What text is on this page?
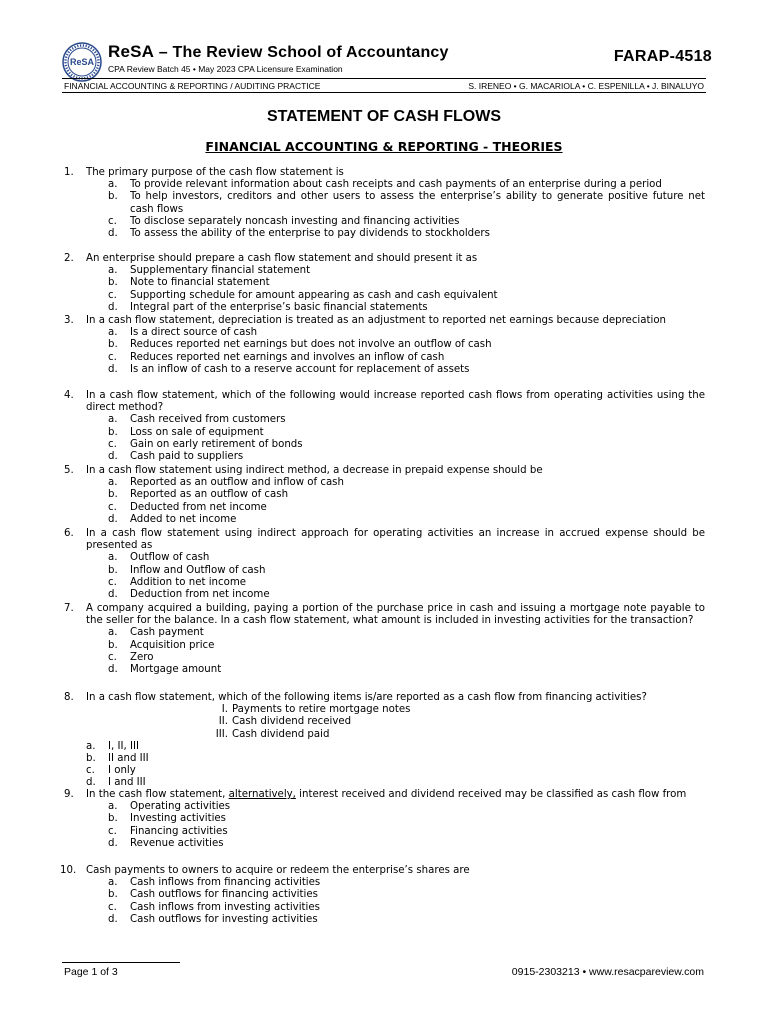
ReSA
ReSA – The Review School of Accountancy
CPA Review Batch 45 • May 2023 CPA Licensure Examination
FARAP-4518
FINANCIAL ACCOUNTING & REPORTING / AUDITING PRACTICE	S. IRENEO • G. MACARIOLA • C. ESPENILLA • J. BINALUYO
STATEMENT OF CASH FLOWS
FINANCIAL ACCOUNTING & REPORTING - THEORIES
1. The primary purpose of the cash flow statement is
a. To provide relevant information about cash receipts and cash payments of an enterprise during a period
b. To help investors, creditors and other users to assess the enterprise’s ability to generate positive future net cash flows
c. To disclose separately noncash investing and financing activities
d. To assess the ability of the enterprise to pay dividends to stockholders
2. An enterprise should prepare a cash flow statement and should present it as
a. Supplementary financial statement
b. Note to financial statement
c. Supporting schedule for amount appearing as cash and cash equivalent
d. Integral part of the enterprise’s basic financial statements
3. In a cash flow statement, depreciation is treated as an adjustment to reported net earnings because depreciation
a. Is a direct source of cash
b. Reduces reported net earnings but does not involve an outflow of cash
c. Reduces reported net earnings and involves an inflow of cash
d. Is an inflow of cash to a reserve account for replacement of assets
4. In a cash flow statement, which of the following would increase reported cash flows from operating activities using the direct method?
a. Cash received from customers
b. Loss on sale of equipment
c. Gain on early retirement of bonds
d. Cash paid to suppliers
5. In a cash flow statement using indirect method, a decrease in prepaid expense should be
a. Reported as an outflow and inflow of cash
b. Reported as an outflow of cash
c. Deducted from net income
d. Added to net income
6. In a cash flow statement using indirect approach for operating activities an increase in accrued expense should be presented as
a. Outflow of cash
b. Inflow and Outflow of cash
c. Addition to net income
d. Deduction from net income
7. A company acquired a building, paying a portion of the purchase price in cash and issuing a mortgage note payable to the seller for the balance. In a cash flow statement, what amount is included in investing activities for the transaction?
a. Cash payment
b. Acquisition price
c. Zero
d. Mortgage amount
8. In a cash flow statement, which of the following items is/are reported as a cash flow from financing activities?
I. Payments to retire mortgage notes
II. Cash dividend received
III. Cash dividend paid
a. I, II, III
b. II and III
c. I only
d. I and III
9. In the cash flow statement, alternatively, interest received and dividend received may be classified as cash flow from
a. Operating activities
b. Investing activities
c. Financing activities
d. Revenue activities
10. Cash payments to owners to acquire or redeem the enterprise’s shares are
a. Cash inflows from financing activities
b. Cash outflows for financing activities
c. Cash inflows from investing activities
d. Cash outflows for investing activities
Page 1 of 3	0915-2303213 • www.resacpareview.com
